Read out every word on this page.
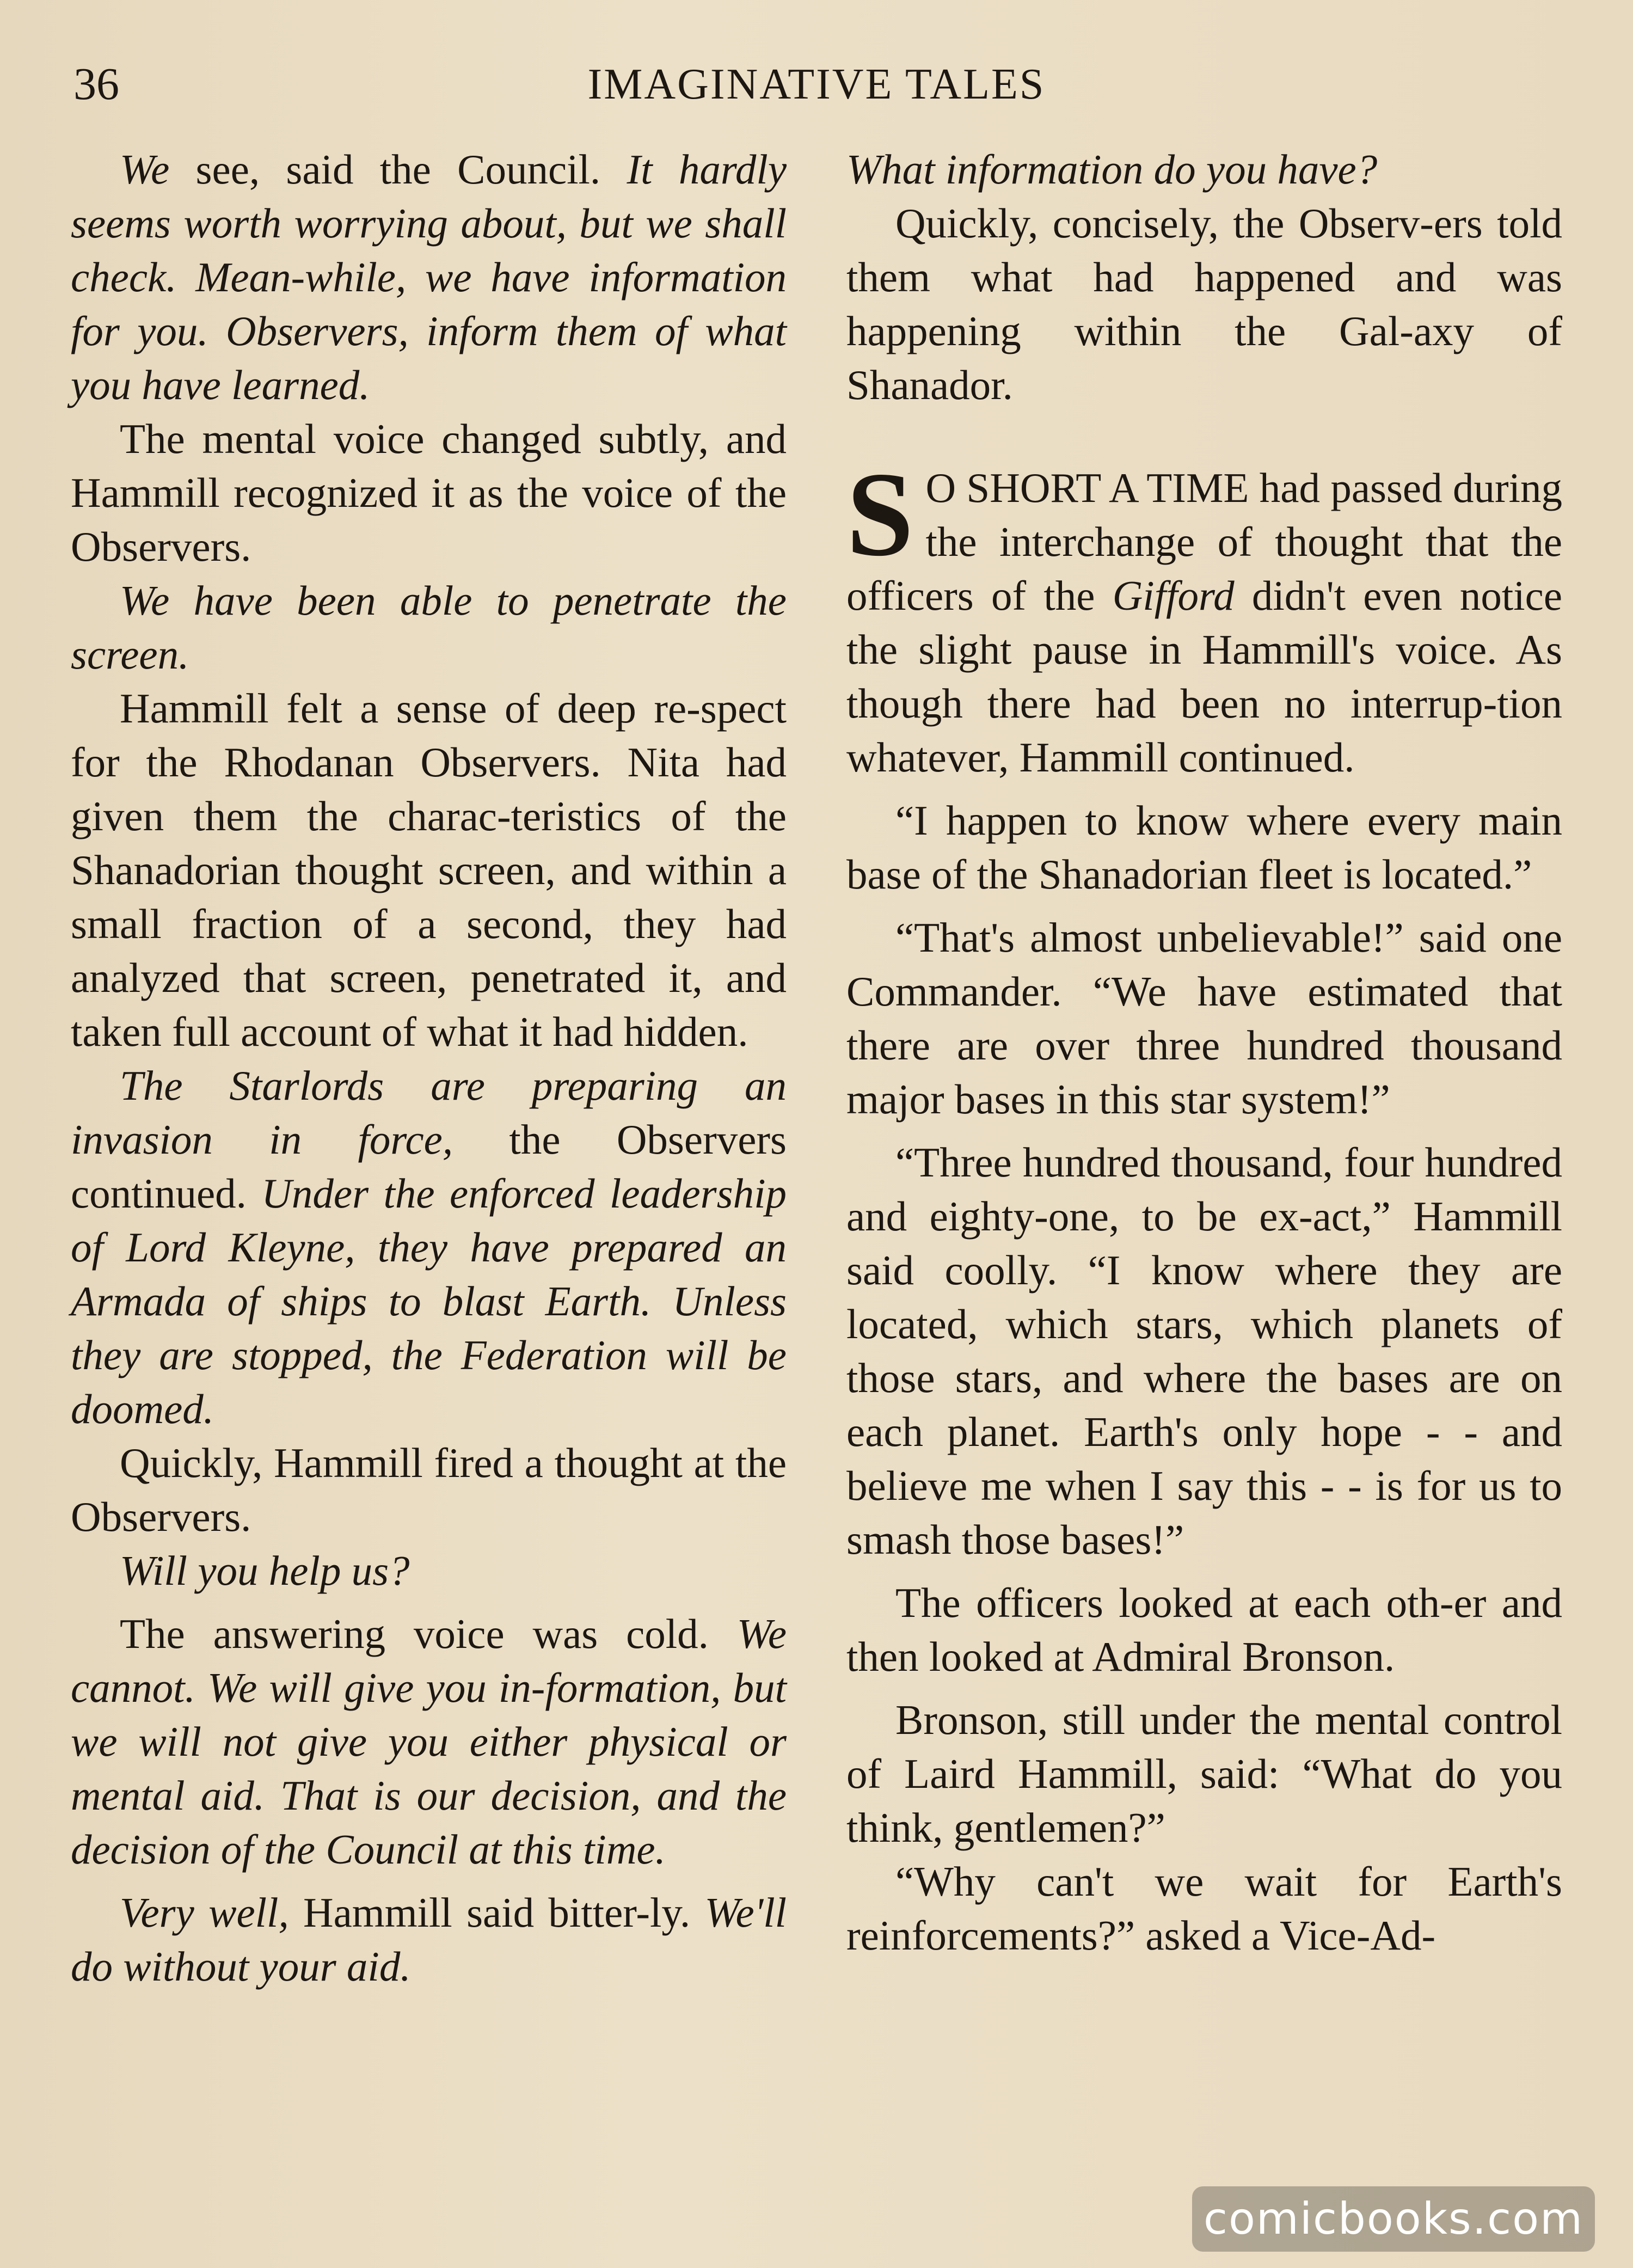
36	IMAGINATIVE TALES

We see, said the Council. It hardly seems worth worrying about, but we shall check. Mean-while, we have information for you. Observers, inform them of what you have learned.

The mental voice changed subtly, and Hammill recognized it as the voice of the Observers.

We have been able to penetrate the screen.

Hammill felt a sense of deep re-spect for the Rhodanan Observers. Nita had given them the charac-teristics of the Shanadorian thought screen, and within a small fraction of a second, they had analyzed that screen, penetrated it, and taken full account of what it had hidden.

The Starlords are preparing an invasion in force, the Observers continued. Under the enforced leadership of Lord Kleyne, they have prepared an Armada of ships to blast Earth. Unless they are stopped, the Federation will be doomed.

Quickly, Hammill fired a thought at the Observers.

Will you help us?

The answering voice was cold. We cannot. We will give you in-formation, but we will not give you either physical or mental aid. That is our decision, and the decision of the Council at this time.

Very well, Hammill said bitter-ly. We'll do without your aid.

What information do you have?

Quickly, concisely, the Observ-ers told them what had happened and was happening within the Gal-axy of Shanador.

SO SHORT A TIME had passed during the interchange of thought that the officers of the Gifford didn't even notice the slight pause in Hammill's voice. As though there had been no interrup-tion whatever, Hammill continued.

“I happen to know where every main base of the Shanadorian fleet is located.”

“That's almost unbelievable!” said one Commander. “We have estimated that there are over three hundred thousand major bases in this star system!”

“Three hundred thousand, four hundred and eighty-one, to be ex-act,” Hammill said coolly. “I know where they are located, which stars, which planets of those stars, and where the bases are on each planet. Earth's only hope - - and believe me when I say this - - is for us to smash those bases!”

The officers looked at each oth-er and then looked at Admiral Bronson.

Bronson, still under the mental control of Laird Hammill, said: “What do you think, gentlemen?”

“Why can't we wait for Earth's reinforcements?” asked a Vice-Ad-

comicbooks.com
